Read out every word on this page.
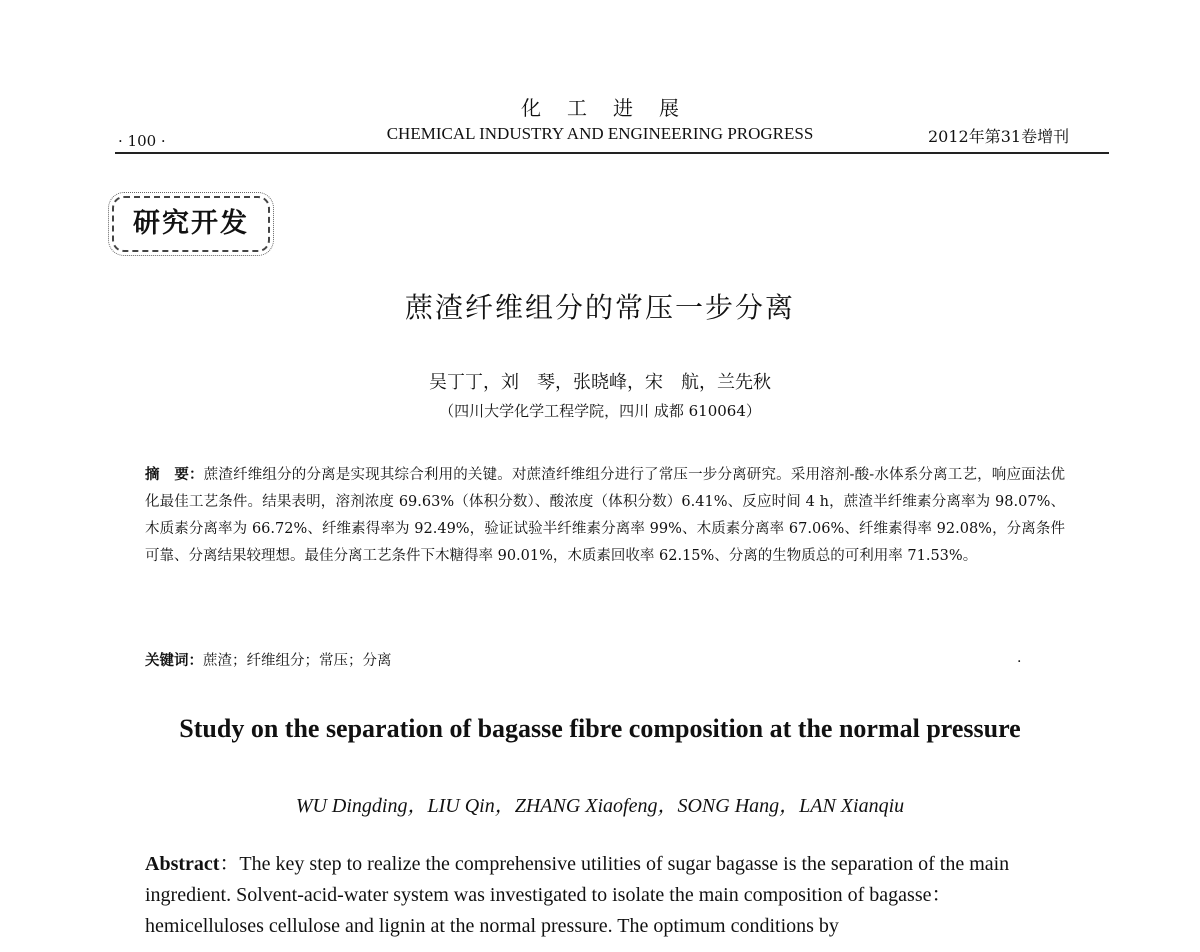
化工进展
· 100 ·	CHEMICAL INDUSTRY AND ENGINEERING PROGRESS	2012年第31卷增刊
研究开发
蔗渣纤维组分的常压一步分离
吴丁丁，刘　琴，张晓峰，宋　航，兰先秋
（四川大学化学工程学院，四川 成都 610064）
摘　要：蔗渣纤维组分的分离是实现其综合利用的关键。对蔗渣纤维组分进行了常压一步分离研究。采用溶剂-酸-水体系分离工艺，响应面法优化最佳工艺条件。结果表明，溶剂浓度 69.63%（体积分数）、酸浓度（体积分数）6.41%、反应时间 4 h，蔗渣半纤维素分离率为 98.07%、木质素分离率为 66.72%、纤维素得率为 92.49%，验证试验半纤维素分离率 99%、木质素分离率 67.06%、纤维素得率 92.08%，分离条件可靠、分离结果较理想。最佳分离工艺条件下木糖得率 90.01%，木质素回收率 62.15%、分离的生物质总的可利用率 71.53%。
关键词：蔗渣；纤维组分；常压；分离	·
Study on the separation of bagasse fibre composition at the normal pressure
WU Dingding，LIU Qin，ZHANG Xiaofeng，SONG Hang，LAN Xianqiu
Abstract：The key step to realize the comprehensive utilities of sugar bagasse is the separation of the main ingredient. Solvent-acid-water system was investigated to isolate the main composition of bagasse：hemicelluloses cellulose and lignin at the normal pressure. The optimum conditions by
